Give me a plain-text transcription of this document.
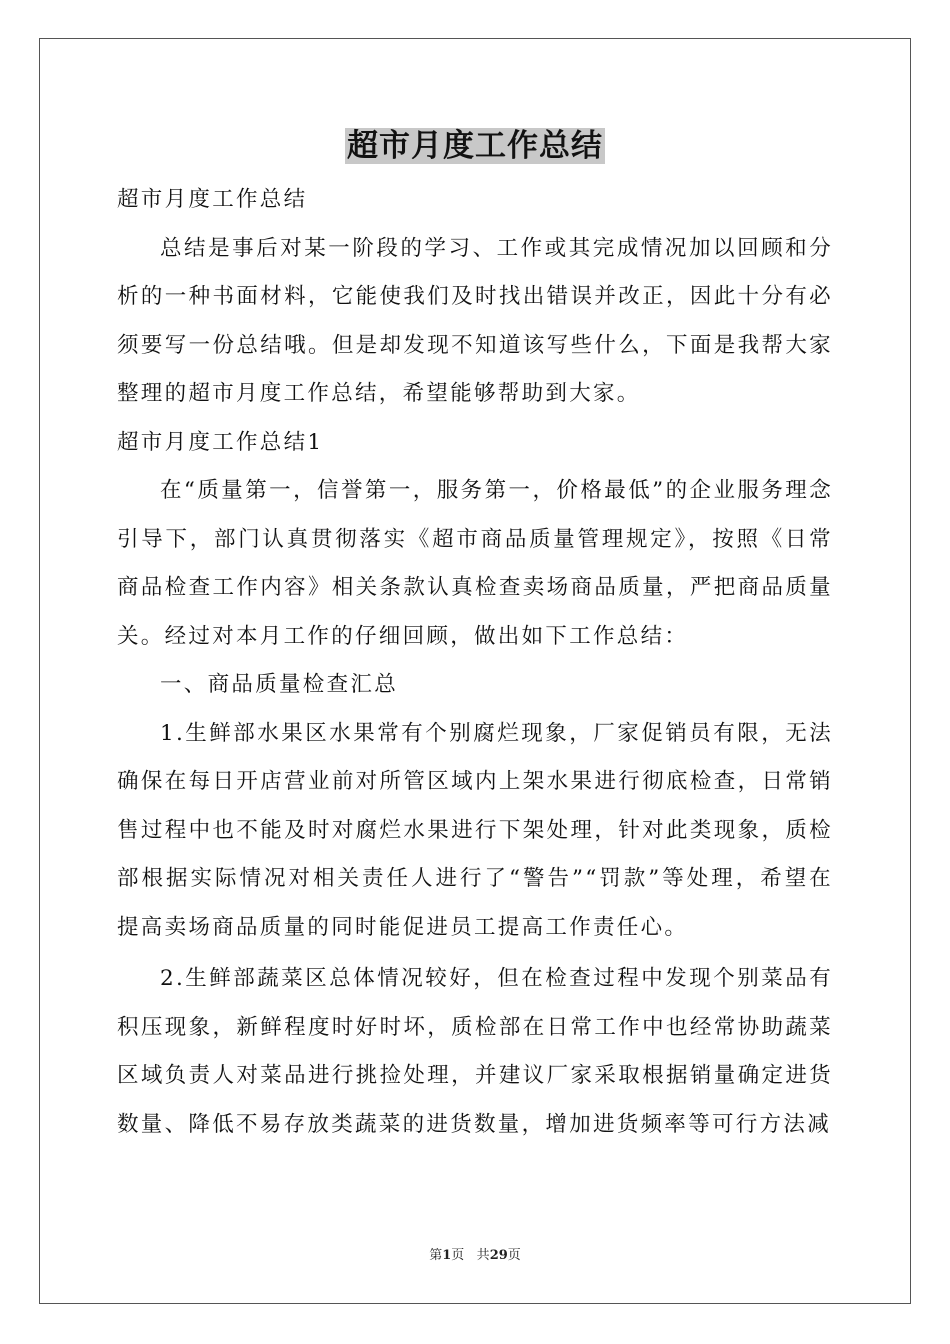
超市月度工作总结

超市月度工作总结

总结是事后对某一阶段的学习、工作或其完成情况加以回顾和分析的一种书面材料，它能使我们及时找出错误并改正，因此十分有必须要写一份总结哦。但是却发现不知道该写些什么，下面是我帮大家整理的超市月度工作总结，希望能够帮助到大家。

超市月度工作总结1

在“质量第一，信誉第一，服务第一，价格最低”的企业服务理念引导下，部门认真贯彻落实《超市商品质量管理规定》，按照《日常商品检查工作内容》相关条款认真检查卖场商品质量，严把商品质量关。经过对本月工作的仔细回顾，做出如下工作总结：

一、商品质量检查汇总

1.生鲜部水果区水果常有个别腐烂现象，厂家促销员有限，无法确保在每日开店营业前对所管区域内上架水果进行彻底检查，日常销售过程中也不能及时对腐烂水果进行下架处理，针对此类现象，质检部根据实际情况对相关责任人进行了“警告”“罚款”等处理，希望在提高卖场商品质量的同时能促进员工提高工作责任心。

2.生鲜部蔬菜区总体情况较好，但在检查过程中发现个别菜品有积压现象，新鲜程度时好时坏，质检部在日常工作中也经常协助蔬菜区域负责人对菜品进行挑捡处理，并建议厂家采取根据销量确定进货数量、降低不易存放类蔬菜的进货数量，增加进货频率等可行方法减

第1页 共29页
